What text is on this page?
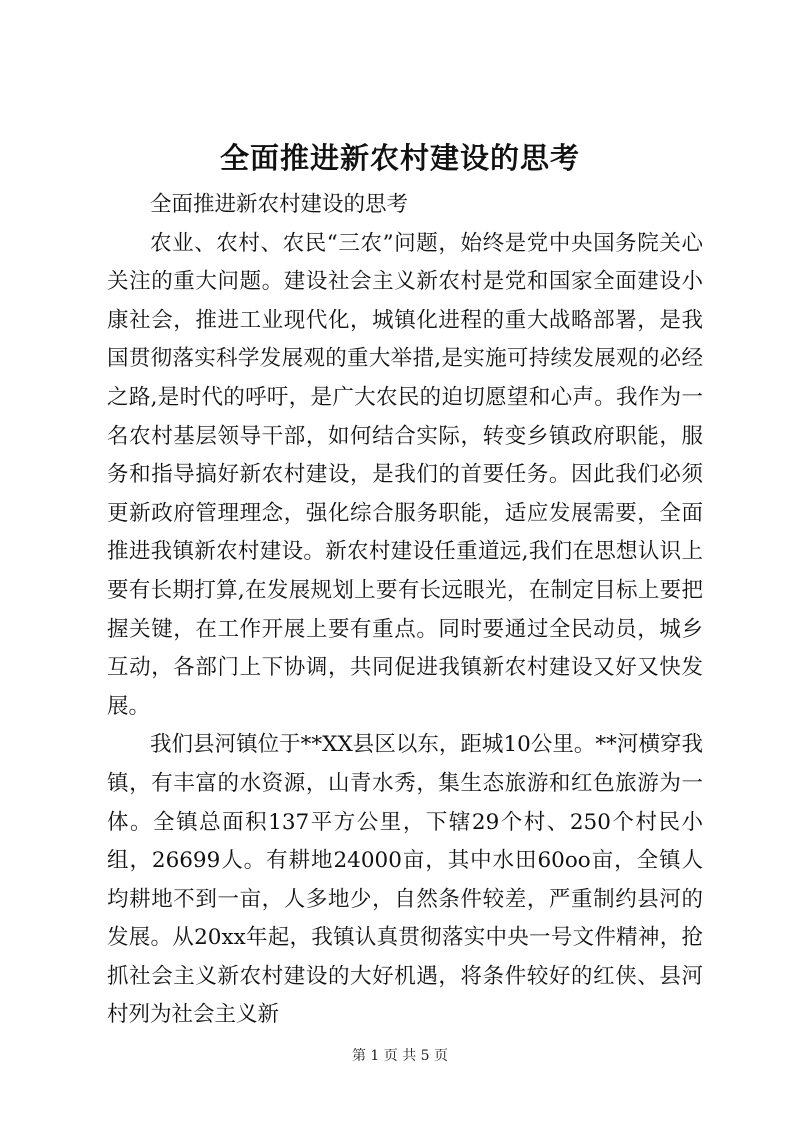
全面推进新农村建设的思考

全面推进新农村建设的思考

农业、农村、农民“三农”问题，始终是党中央国务院关心关注的重大问题。建设社会主义新农村是党和国家全面建设小康社会，推进工业现代化，城镇化进程的重大战略部署，是我国贯彻落实科学发展观的重大举措,是实施可持续发展观的必经之路,是时代的呼吁，是广大农民的迫切愿望和心声。我作为一名农村基层领导干部，如何结合实际，转变乡镇政府职能，服务和指导搞好新农村建设，是我们的首要任务。因此我们必须更新政府管理理念，强化综合服务职能，适应发展需要，全面推进我镇新农村建设。新农村建设任重道远,我们在思想认识上要有长期打算,在发展规划上要有长远眼光，在制定目标上要把握关键，在工作开展上要有重点。同时要通过全民动员，城乡互动，各部门上下协调，共同促进我镇新农村建设又好又快发展。

我们县河镇位于**XX县区以东，距城10公里。**河横穿我镇，有丰富的水资源，山青水秀，集生态旅游和红色旅游为一体。全镇总面积137平方公里，下辖29个村、250个村民小组，26699人。有耕地24000亩，其中水田60oo亩，全镇人均耕地不到一亩，人多地少，自然条件较差，严重制约县河的发展。从20xx年起，我镇认真贯彻落实中央一号文件精神，抢抓社会主义新农村建设的大好机遇，将条件较好的红侠、县河村列为社会主义新

第 1 页 共 5 页
